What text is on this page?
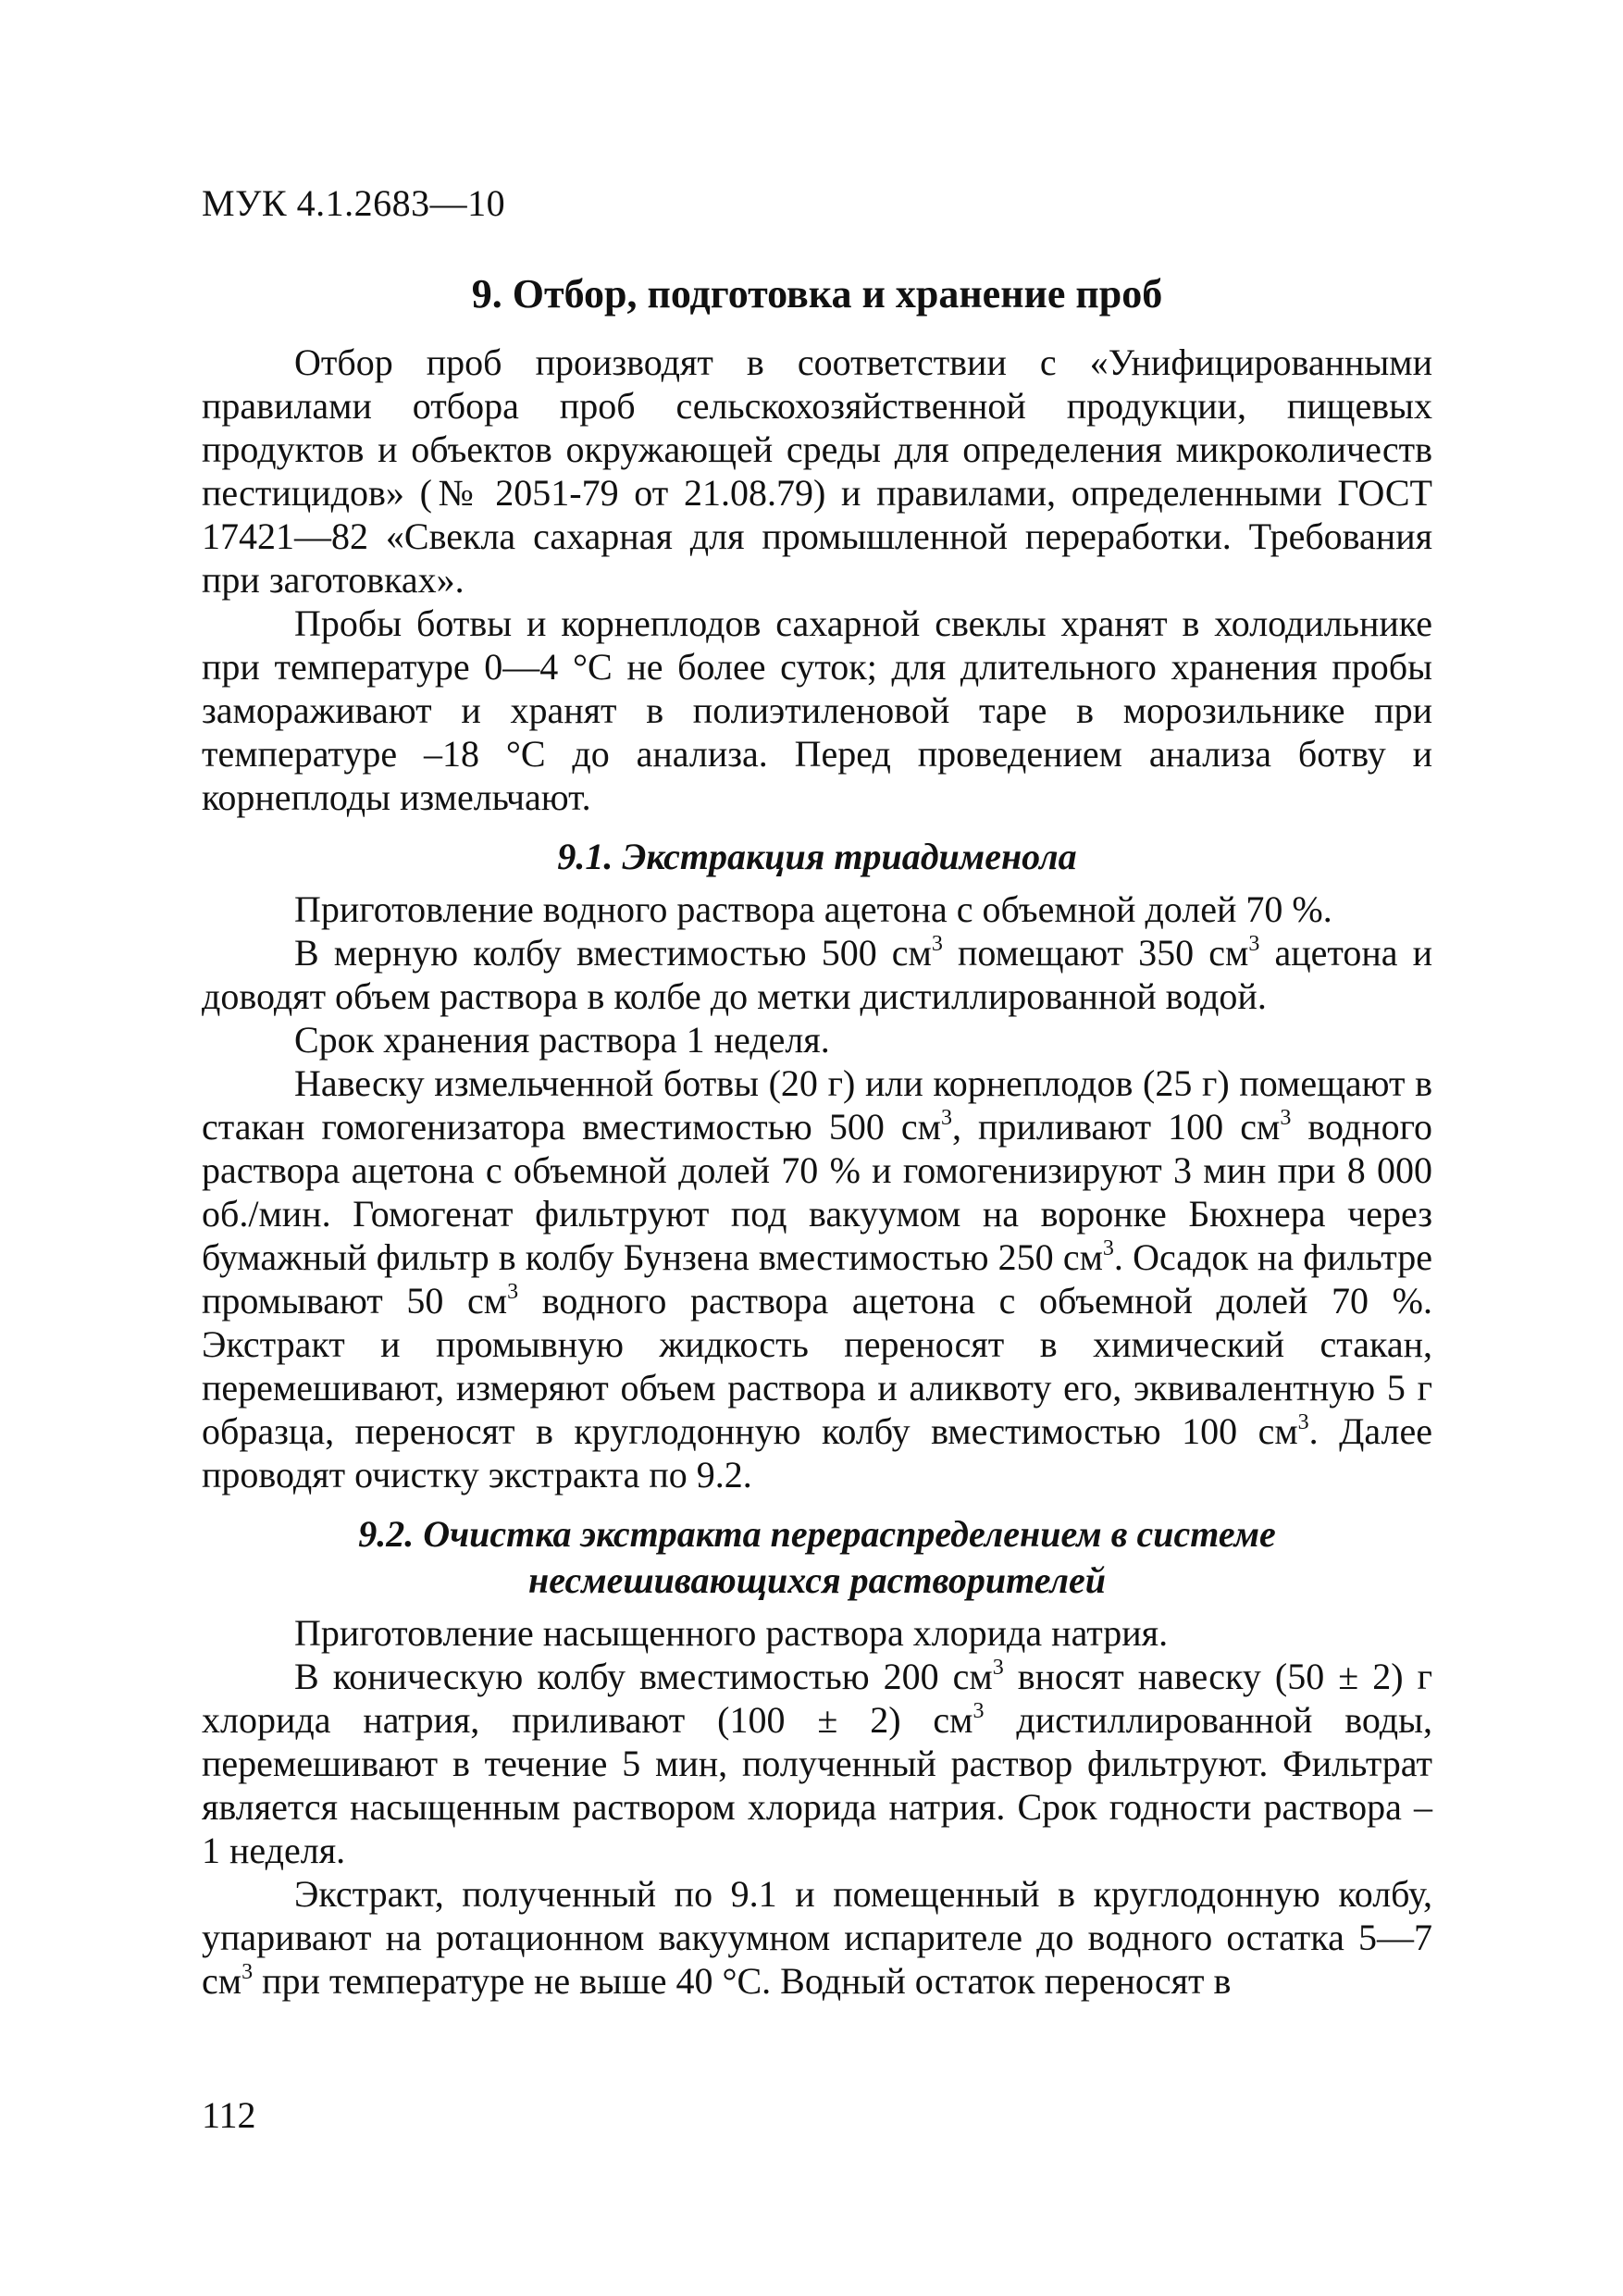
МУК 4.1.2683—10
9. Отбор, подготовка и хранение проб

Отбор проб производят в соответствии с «Унифицированными правилами отбора проб сельскохозяйственной продукции, пищевых продуктов и объектов окружающей среды для определения микроколичеств пестицидов» (№ 2051-79 от 21.08.79) и правилами, определенными ГОСТ 17421—82 «Свекла сахарная для промышленной переработки. Требования при заготовках».

Пробы ботвы и корнеплодов сахарной свеклы хранят в холодильнике при температуре 0—4 °С не более суток; для длительного хранения пробы замораживают и хранят в полиэтиленовой таре в морозильнике при температуре –18 °С до анализа. Перед проведением анализа ботву и корнеплоды измельчают.

9.1. Экстракция триадименола

Приготовление водного раствора ацетона с объемной долей 70 %.

В мерную колбу вместимостью 500 $см^3$ помещают 350 $см^3$ ацетона и доводят объем раствора в колбе до метки дистиллированной водой.

Срок хранения раствора 1 неделя.

Навеску измельченной ботвы (20 г) или корнеплодов (25 г) помещают в стакан гомогенизатора вместимостью 500 $см^3$, приливают 100 $см^3$ водного раствора ацетона с объемной долей 70 % и гомогенизируют 3 мин при 8 000 об./мин. Гомогенат фильтруют под вакуумом на воронке Бюхнера через бумажный фильтр в колбу Бунзена вместимостью 250 $см^3$. Осадок на фильтре промывают 50 $см^3$ водного раствора ацетона с объемной долей 70 %. Экстракт и промывную жидкость переносят в химический стакан, перемешивают, измеряют объем раствора и аликвоту его, эквивалентную 5 г образца, переносят в круглодонную колбу вместимостью 100 $см^3$. Далее проводят очистку экстракта по 9.2.

9.2. Очистка экстракта перераспределением в системе
несмешивающихся растворителей

Приготовление насыщенного раствора хлорида натрия.

В коническую колбу вместимостью 200 $см^3$ вносят навеску (50 ± 2) г хлорида натрия, приливают (100 ± 2) $см^3$ дистиллированной воды, перемешивают в течение 5 мин, полученный раствор фильтруют. Фильтрат является насыщенным раствором хлорида натрия. Срок годности раствора – 1 неделя.

Экстракт, полученный по 9.1 и помещенный в круглодонную колбу, упаривают на ротационном вакуумном испарителе до водного остатка 5—7 $см^3$ при температуре не выше 40 °С. Водный остаток переносят в

112
